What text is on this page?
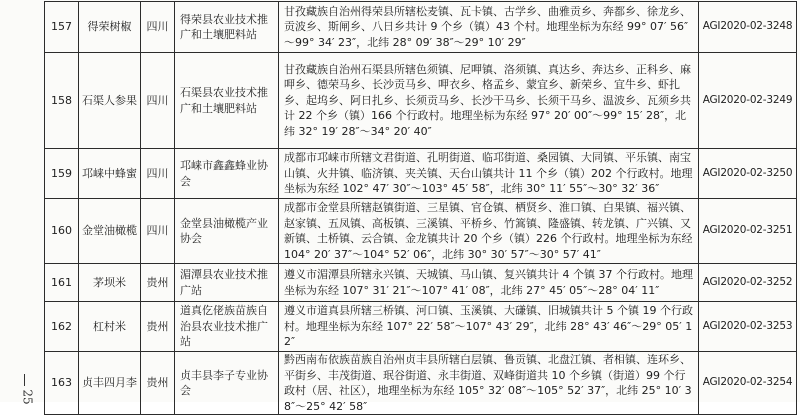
157	得荣树椒	四川	得荣县农业技术推广和土壤肥料站	甘孜藏族自治州得荣县所辖松麦镇、瓦卡镇、古学乡、曲雅贡乡、奔都乡、徐龙乡、贡波乡、斯闸乡、八日乡共计 9 个乡（镇）43 个村。地理坐标为东经 99° 07′ 56″～99° 34′ 23″，北纬 28° 09′ 38″～29° 10′ 29″	AGI2020-02-3248
158	石渠人参果	四川	石渠县农业技术推广和土壤肥料站	甘孜藏族自治州石渠县所辖色须镇、尼呷镇、洛须镇、真达乡、奔达乡、正科乡、麻呷乡、德荣马乡、长沙贡马乡、呷衣乡、格孟乡、蒙宜乡、新荣乡、宜牛乡、虾扎乡、起坞乡、阿日扎乡、长须贡马乡、长沙干马乡、长须干马乡、温波乡、瓦须乡共计 22 个乡（镇）166 个行政村。地理坐标为东经 97° 20′ 00″～99° 15′ 28″，北纬 32° 19′ 28″～34° 20′ 40″	AGI2020-02-3249
159	邛崃中蜂蜜	四川	邛崃市鑫鑫蜂业协会	成都市邛崃市所辖文君街道、孔明街道、临邛街道、桑园镇、大同镇、平乐镇、南宝山镇、火井镇、临济镇、夹关镇、天台山镇共计 11 个乡（镇）202 个行政村。地理坐标为东经 102° 47′ 30″～103° 45′ 58″，北纬 30° 11′ 55″～30° 32′ 36″	AGI2020-02-3250
160	金堂油橄榄	四川	金堂县油橄榄产业协会	成都市金堂县所辖赵镇街道、三星镇、官仓镇、栖贤乡、淮口镇、白果镇、福兴镇、赵家镇、五凤镇、高板镇、三溪镇、平桥乡、竹篙镇、隆盛镇、转龙镇、广兴镇、又新镇、土桥镇、云合镇、金龙镇共计 20 个乡（镇）226 个行政村。地理坐标为东经 104° 20′ 37″～104° 52′ 06″，北纬 30° 30′ 57″～30° 57′ 41″	AGI2020-02-3251
161	茅坝米	贵州	湄潭县农业技术推广站	遵义市湄潭县所辖永兴镇、天城镇、马山镇、复兴镇共计 4 个镇 37 个行政村。地理坐标为东经 107° 31′ 21″～107° 41′ 08″，北纬 27° 45′ 05″～28° 04′ 11″	AGI2020-02-3252
162	杠村米	贵州	道真仡佬族苗族自治县农业技术推广站	遵义市道真县所辖三桥镇、河口镇、玉溪镇、大磏镇、旧城镇共计 5 个镇 19 个行政村。地理坐标为东经 107° 22′ 58″～107° 43′ 29″，北纬 28° 43′ 46″～29° 05′ 12″	AGI2020-02-3253
163	贞丰四月李	贵州	贞丰县李子专业协会	黔西南布依族苗族自治州贞丰县所辖白层镇、鲁贡镇、北盘江镇、者相镇、连环乡、平街乡、丰茂街道、珉谷街道、永丰街道、双峰街道共 10 个乡镇（街道）99 个行政村（居、社区），地理坐标为东经 105° 32′ 08″～105° 52′ 37″，北纬 25° 10′ 38″～25° 42′ 58″	AGI2020-02-3254
25
